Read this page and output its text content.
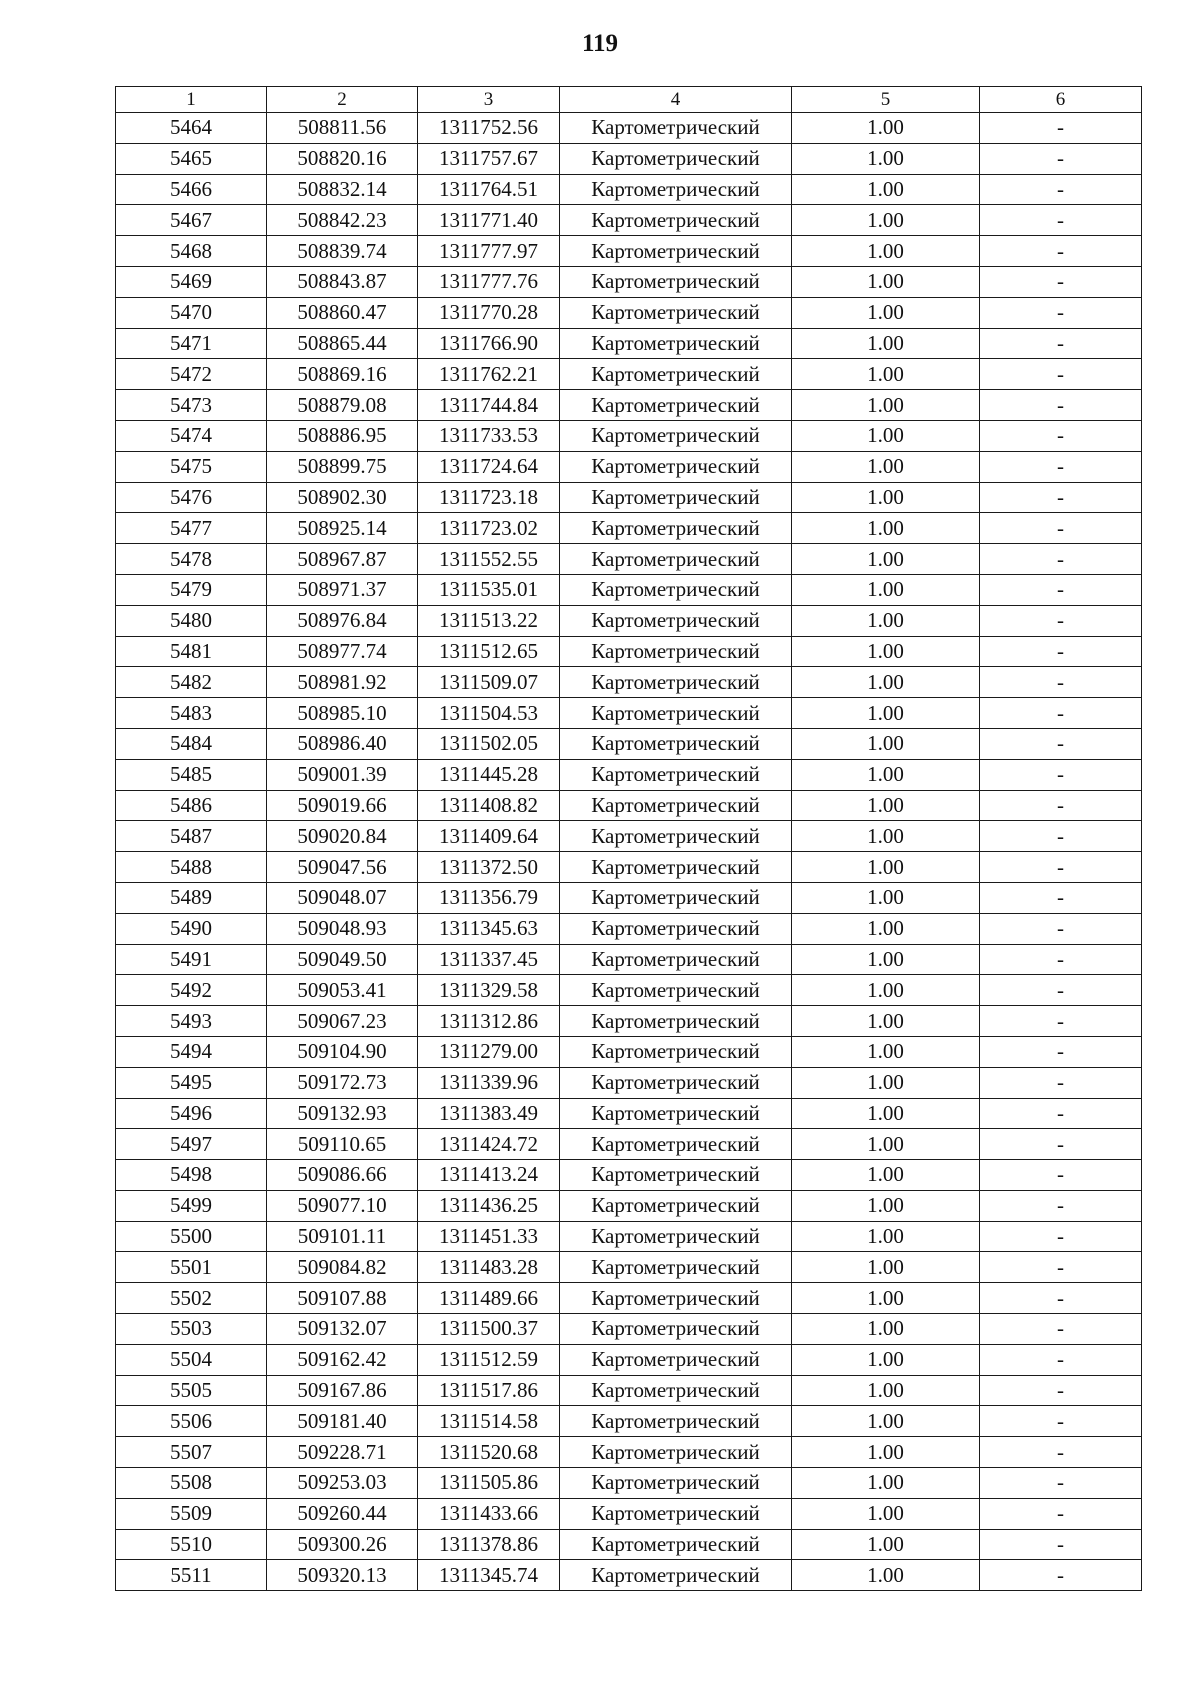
119
1	2	3	4	5	6
5464	508811.56	1311752.56	Картометрический	1.00	-
5465	508820.16	1311757.67	Картометрический	1.00	-
5466	508832.14	1311764.51	Картометрический	1.00	-
5467	508842.23	1311771.40	Картометрический	1.00	-
5468	508839.74	1311777.97	Картометрический	1.00	-
5469	508843.87	1311777.76	Картометрический	1.00	-
5470	508860.47	1311770.28	Картометрический	1.00	-
5471	508865.44	1311766.90	Картометрический	1.00	-
5472	508869.16	1311762.21	Картометрический	1.00	-
5473	508879.08	1311744.84	Картометрический	1.00	-
5474	508886.95	1311733.53	Картометрический	1.00	-
5475	508899.75	1311724.64	Картометрический	1.00	-
5476	508902.30	1311723.18	Картометрический	1.00	-
5477	508925.14	1311723.02	Картометрический	1.00	-
5478	508967.87	1311552.55	Картометрический	1.00	-
5479	508971.37	1311535.01	Картометрический	1.00	-
5480	508976.84	1311513.22	Картометрический	1.00	-
5481	508977.74	1311512.65	Картометрический	1.00	-
5482	508981.92	1311509.07	Картометрический	1.00	-
5483	508985.10	1311504.53	Картометрический	1.00	-
5484	508986.40	1311502.05	Картометрический	1.00	-
5485	509001.39	1311445.28	Картометрический	1.00	-
5486	509019.66	1311408.82	Картометрический	1.00	-
5487	509020.84	1311409.64	Картометрический	1.00	-
5488	509047.56	1311372.50	Картометрический	1.00	-
5489	509048.07	1311356.79	Картометрический	1.00	-
5490	509048.93	1311345.63	Картометрический	1.00	-
5491	509049.50	1311337.45	Картометрический	1.00	-
5492	509053.41	1311329.58	Картометрический	1.00	-
5493	509067.23	1311312.86	Картометрический	1.00	-
5494	509104.90	1311279.00	Картометрический	1.00	-
5495	509172.73	1311339.96	Картометрический	1.00	-
5496	509132.93	1311383.49	Картометрический	1.00	-
5497	509110.65	1311424.72	Картометрический	1.00	-
5498	509086.66	1311413.24	Картометрический	1.00	-
5499	509077.10	1311436.25	Картометрический	1.00	-
5500	509101.11	1311451.33	Картометрический	1.00	-
5501	509084.82	1311483.28	Картометрический	1.00	-
5502	509107.88	1311489.66	Картометрический	1.00	-
5503	509132.07	1311500.37	Картометрический	1.00	-
5504	509162.42	1311512.59	Картометрический	1.00	-
5505	509167.86	1311517.86	Картометрический	1.00	-
5506	509181.40	1311514.58	Картометрический	1.00	-
5507	509228.71	1311520.68	Картометрический	1.00	-
5508	509253.03	1311505.86	Картометрический	1.00	-
5509	509260.44	1311433.66	Картометрический	1.00	-
5510	509300.26	1311378.86	Картометрический	1.00	-
5511	509320.13	1311345.74	Картометрический	1.00	-
